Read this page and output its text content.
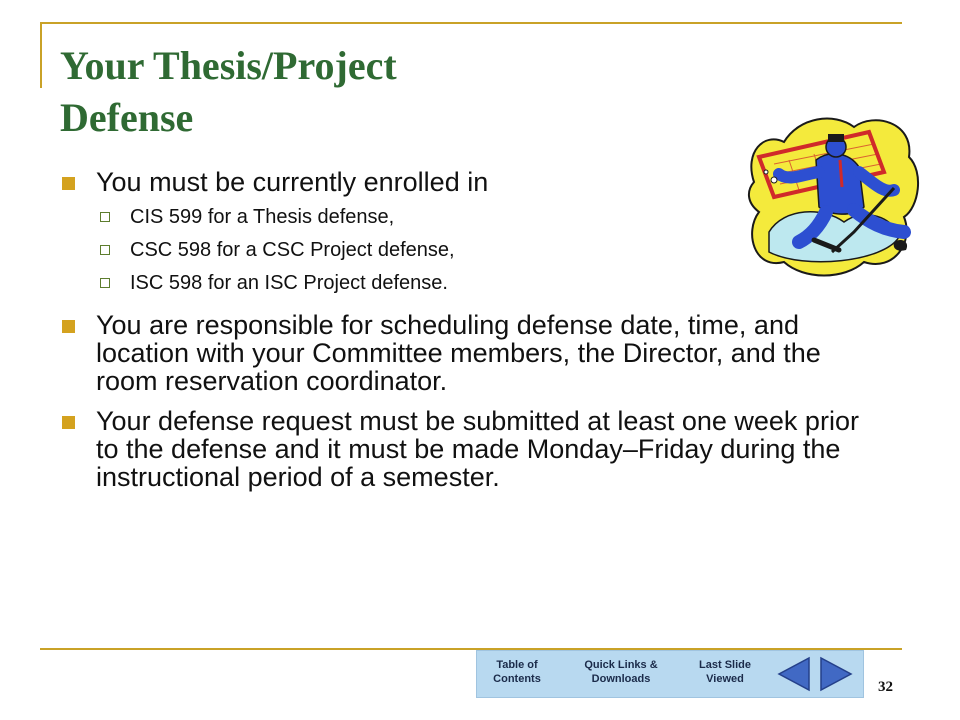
Your Thesis/Project
Defense
You must be currently enrolled in
CIS 599 for a Thesis defense,
CSC 598 for a CSC Project defense,
ISC 598 for an ISC Project defense.
You are responsible for scheduling defense date, time, and location with your Committee members, the Director, and the room reservation coordinator.
Your defense request must be submitted at least one week prior to the defense and it must be made Monday–Friday during the instructional period of a semester.
Table of
Contents
Quick Links &
Downloads
Last Slide
Viewed	32
